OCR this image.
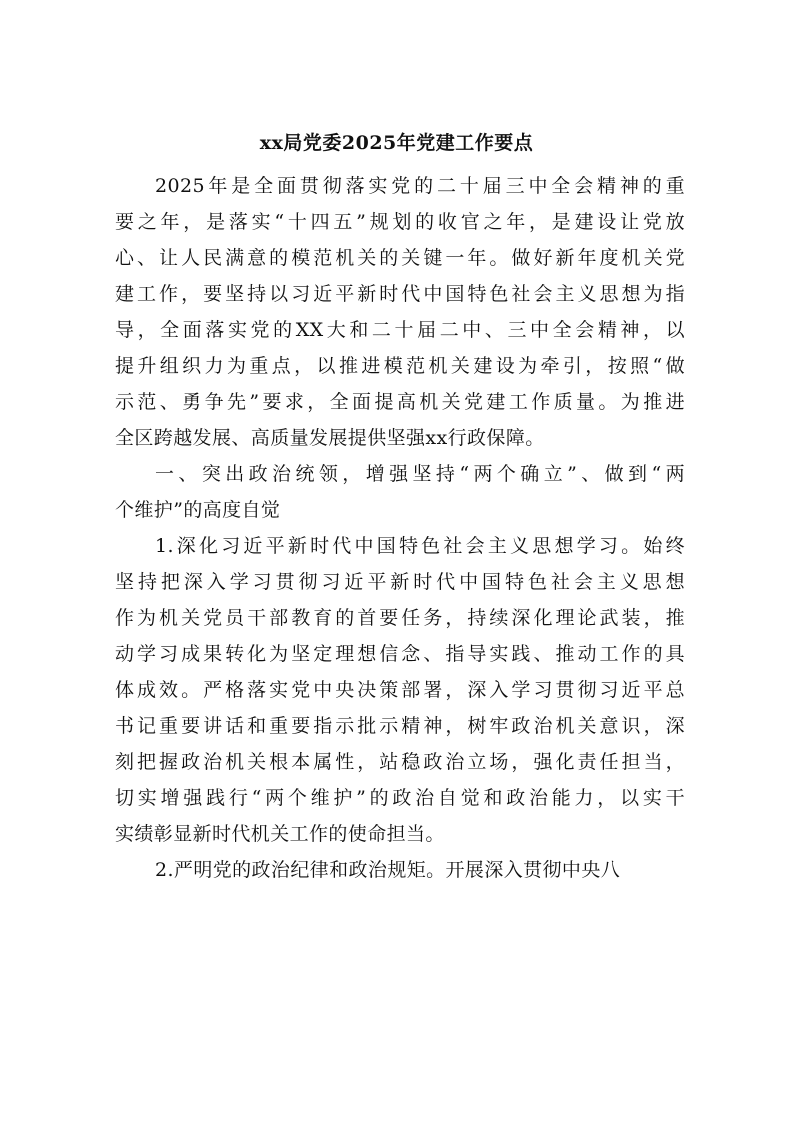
xx局党委2025年党建工作要点
2025年是全面贯彻落实党的二十届三中全会精神的重
要之年，是落实“十四五”规划的收官之年，是建设让党放
心、让人民满意的模范机关的关键一年。做好新年度机关党
建工作，要坚持以习近平新时代中国特色社会主义思想为指
导，全面落实党的XX大和二十届二中、三中全会精神，以
提升组织力为重点，以推进模范机关建设为牵引，按照“做
示范、勇争先”要求，全面提高机关党建工作质量。为推进
全区跨越发展、高质量发展提供坚强xx行政保障。
一、突出政治统领，增强坚持“两个确立”、做到“两
个维护”的高度自觉
1.深化习近平新时代中国特色社会主义思想学习。始终
坚持把深入学习贯彻习近平新时代中国特色社会主义思想
作为机关党员干部教育的首要任务，持续深化理论武装，推
动学习成果转化为坚定理想信念、指导实践、推动工作的具
体成效。严格落实党中央决策部署，深入学习贯彻习近平总
书记重要讲话和重要指示批示精神，树牢政治机关意识，深
刻把握政治机关根本属性，站稳政治立场，强化责任担当，
切实增强践行“两个维护”的政治自觉和政治能力，以实干
实绩彰显新时代机关工作的使命担当。
2.严明党的政治纪律和政治规矩。开展深入贯彻中央八
